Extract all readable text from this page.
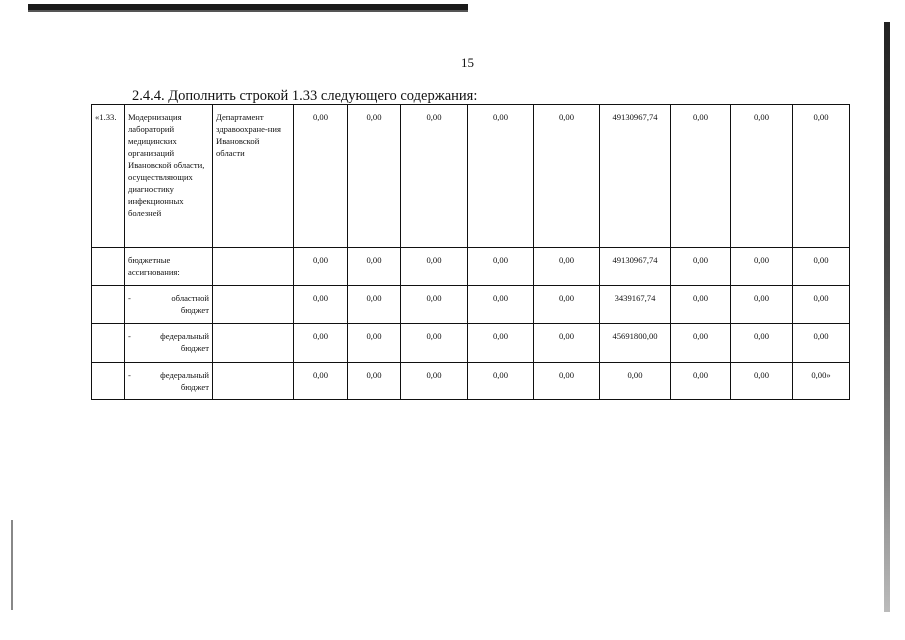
15
2.4.4. Дополнить строкой 1.33 следующего содержания:
«1.33.	Модернизация лабораторий медицинских организаций Ивановской области, осуществляющих диагностику инфекционных болезней	Департамент здравоохране-ния Ивановской области	0,00	0,00	0,00	0,00	0,00	49130967,74	0,00	0,00	0,00
	бюджетные ассигнования:		0,00	0,00	0,00	0,00	0,00	49130967,74	0,00	0,00	0,00

	- областной бюджет		0,00	0,00	0,00	0,00	0,00	3439167,74	0,00	0,00	0,00

	- федеральный бюджет		0,00	0,00	0,00	0,00	0,00	45691800,00	0,00	0,00	0,00

	- федеральный бюджет		0,00	0,00	0,00	0,00	0,00	0,00	0,00	0,00	0,00»
